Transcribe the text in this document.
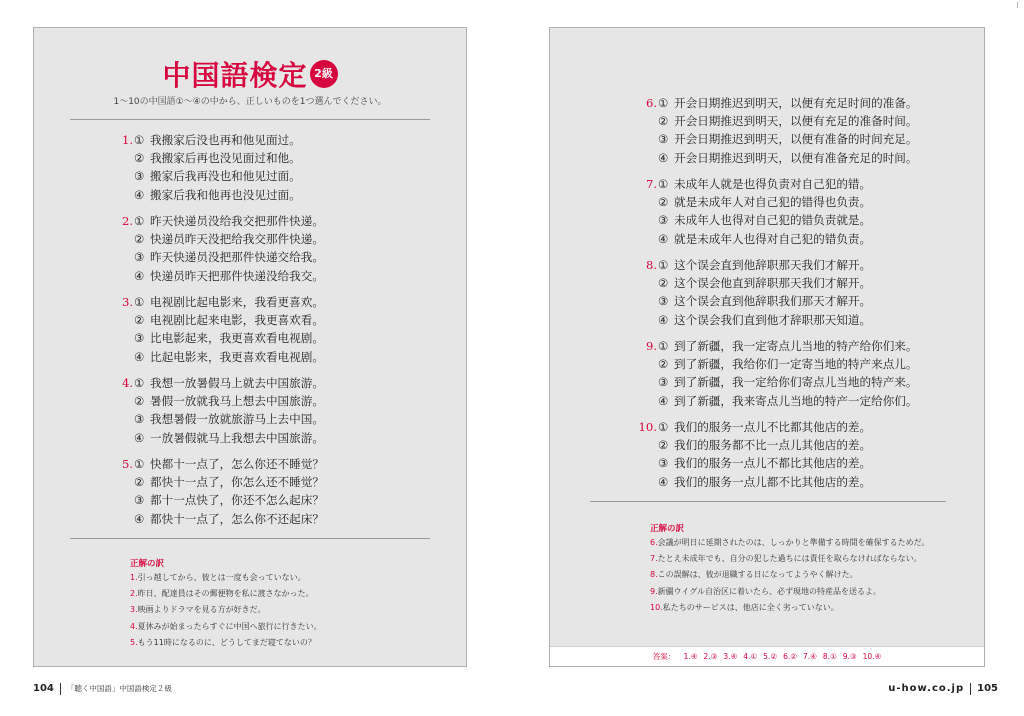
中国語検定 2級
1〜10の中国語①〜④の中から、正しいものを1つ選んでください。
1. ① 我搬家后没也再和他见面过。
② 我搬家后再也没见面过和他。
③ 搬家后我再没也和他见过面。
④ 搬家后我和他再也没见过面。
2. ① 昨天快递员没给我交把那件快递。
② 快递员昨天没把给我交那件快递。
③ 昨天快递员没把那件快递交给我。
④ 快递员昨天把那件快递没给我交。
3. ① 电视剧比起电影来，我看更喜欢。
② 电视剧比起来电影，我更喜欢看。
③ 比电影起来，我更喜欢看电视剧。
④ 比起电影来，我更喜欢看电视剧。
4. ① 我想一放暑假马上就去中国旅游。
② 暑假一放就我马上想去中国旅游。
③ 我想暑假一放就旅游马上去中国。
④ 一放暑假就马上我想去中国旅游。
5. ① 快都十一点了，怎么你还不睡觉？
② 都快十一点了，你怎么还不睡觉？
③ 都十一点快了，你还不怎么起床？
④ 都快十一点了，怎么你不还起床？
正解の訳
1.引っ越してから、彼とは一度も会っていない。
2.昨日、配達員はその郵便物を私に渡さなかった。
3.映画よりドラマを見る方が好きだ。
4.夏休みが始まったらすぐに中国へ旅行に行きたい。
5.もう11時になるのに、どうしてまだ寝てないの？
6. ① 开会日期推迟到明天，以便有充足时间的准备。
② 开会日期推迟到明天，以便有充足的准备时间。
③ 开会日期推迟到明天，以便有准备的时间充足。
④ 开会日期推迟到明天，以便有准备充足的时间。
7. ① 未成年人就是也得负责对自己犯的错。
② 就是未成年人对自己犯的错得也负责。
③ 未成年人也得对自己犯的错负责就是。
④ 就是未成年人也得对自己犯的错负责。
8. ① 这个误会直到他辞职那天我们才解开。
② 这个误会他直到辞职那天我们才解开。
③ 这个误会直到他辞职我们那天才解开。
④ 这个误会我们直到他才辞职那天知道。
9. ① 到了新疆，我一定寄点儿当地的特产给你们来。
② 到了新疆，我给你们一定寄当地的特产来点儿。
③ 到了新疆，我一定给你们寄点儿当地的特产来。
④ 到了新疆，我来寄点儿当地的特产一定给你们。
10. ① 我们的服务一点儿不比都其他店的差。
② 我们的服务都不比一点儿其他店的差。
③ 我们的服务一点儿不都比其他店的差。
④ 我们的服务一点儿都不比其他店的差。
正解の訳
6.会議が明日に延期されたのは、しっかりと準備する時間を確保するためだ。
7.たとえ未成年でも、自分の犯した過ちには責任を取らなければならない。
8.この誤解は、彼が退職する日になってようやく解けた。
9.新疆ウイグル自治区に着いたら、必ず現地の特産品を送るよ。
10.私たちのサービスは、他店に全く劣っていない。
答案： 1.④ 2.③ 3.④ 4.① 5.② 6.② 7.④ 8.① 9.③ 10.④
104 「聴く中国語」中国語検定２級	u-how.co.jp 105
